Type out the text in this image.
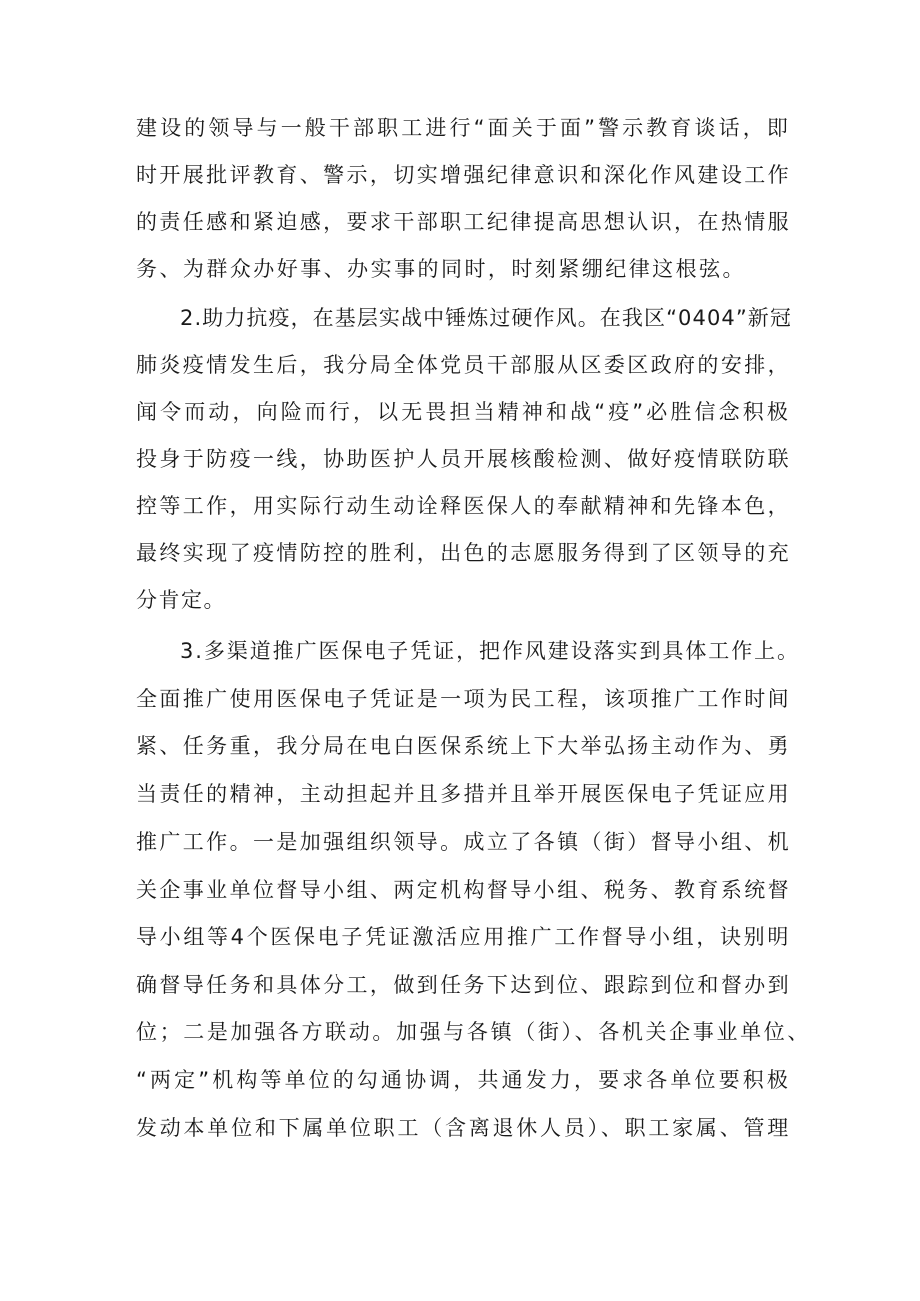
建设的领导与一般干部职工进行“面关于面”警示教育谈话，即
时开展批评教育、警示，切实增强纪律意识和深化作风建设工作
的责任感和紧迫感，要求干部职工纪律提高思想认识，在热情服
务、为群众办好事、办实事的同时，时刻紧绷纪律这根弦。
2.助力抗疫，在基层实战中锤炼过硬作风。在我区“0404”新冠
肺炎疫情发生后，我分局全体党员干部服从区委区政府的安排，
闻令而动，向险而行，以无畏担当精神和战“疫”必胜信念积极
投身于防疫一线，协助医护人员开展核酸检测、做好疫情联防联
控等工作，用实际行动生动诠释医保人的奉献精神和先锋本色，
最终实现了疫情防控的胜利，出色的志愿服务得到了区领导的充
分肯定。
3.多渠道推广医保电子凭证，把作风建设落实到具体工作上。
全面推广使用医保电子凭证是一项为民工程，该项推广工作时间
紧、任务重，我分局在电白医保系统上下大举弘扬主动作为、勇
当责任的精神，主动担起并且多措并且举开展医保电子凭证应用
推广工作。一是加强组织领导。成立了各镇（街）督导小组、机
关企事业单位督导小组、两定机构督导小组、税务、教育系统督
导小组等4个医保电子凭证激活应用推广工作督导小组，诀别明
确督导任务和具体分工，做到任务下达到位、跟踪到位和督办到
位；二是加强各方联动。加强与各镇（街）、各机关企事业单位、
“两定”机构等单位的勾通协调，共通发力，要求各单位要积极
发动本单位和下属单位职工（含离退休人员）、职工家属、管理
